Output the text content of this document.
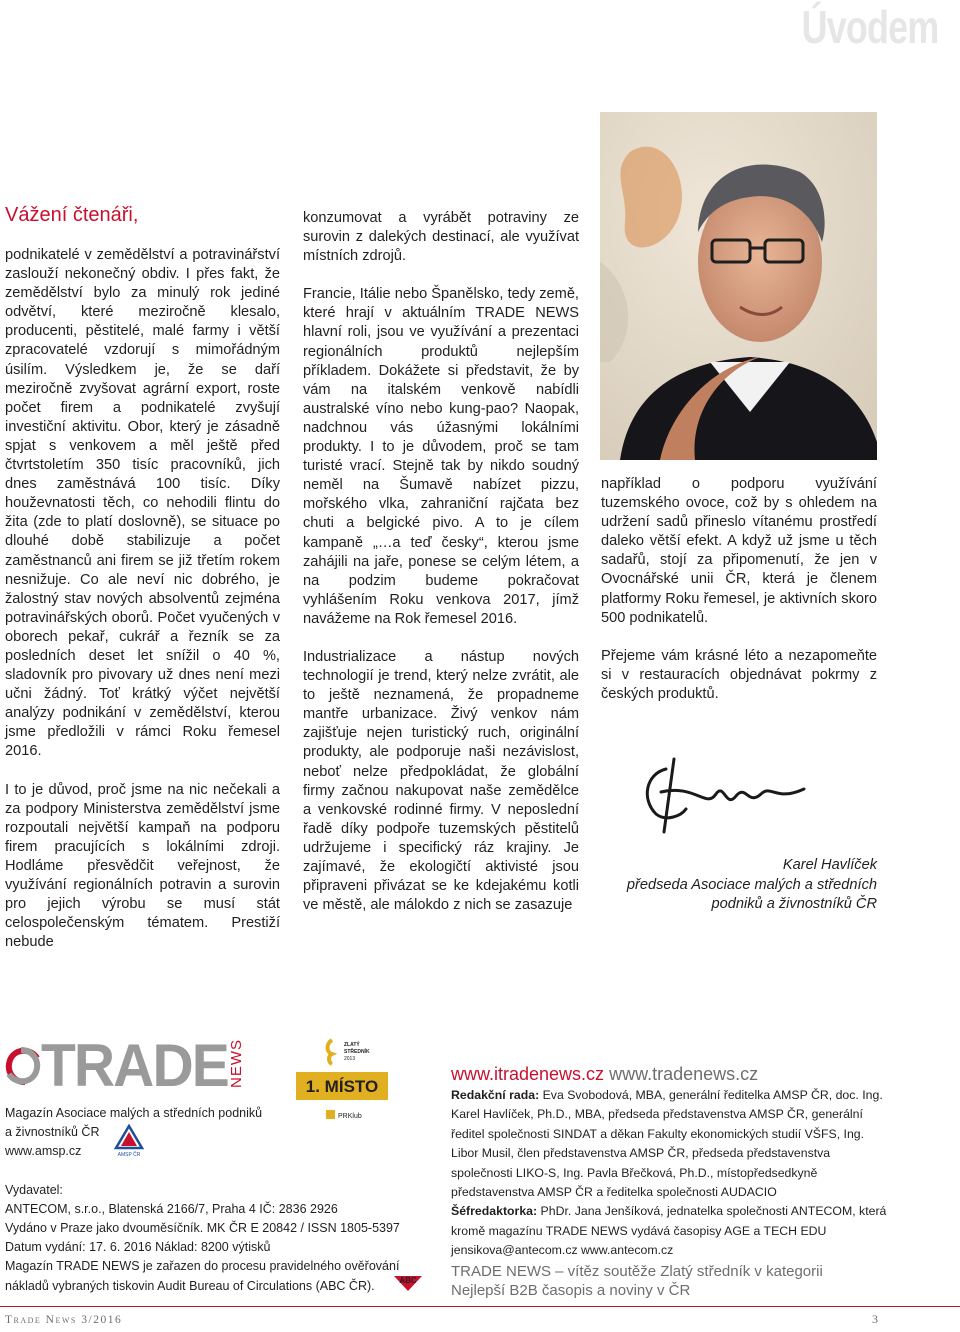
Úvodem
Vážení čtenáři,

podnikatelé v zemědělství a potravinářství zaslouží nekonečný obdiv. I přes fakt, že zemědělství bylo za minulý rok jediné odvětví, které meziročně klesalo, producenti, pěstitelé, malé farmy i větší zpracovatelé vzdorují s mimořádným úsilím. Výsledkem je, že se daří meziročně zvyšovat agrární export, roste počet firem a podnikatelé zvyšují investiční aktivitu. Obor, který je zásadně spjat s venkovem a měl ještě před čtvrtstoletím 350 tisíc pracovníků, jich dnes zaměstnává 100 tisíc. Díky houževnatosti těch, co nehodili flintu do žita (zde to platí doslovně), se situace po dlouhé době stabilizuje a počet zaměstnanců ani firem se již třetím rokem nesnižuje. Co ale neví nic dobrého, je žalostný stav nových absolventů zejména potravinářských oborů. Počet vyučených v oborech pekař, cukrář a řezník se za posledních deset let snížil o 40 %, sladovník pro pivovary už dnes není mezi učni žádný. Toť krátký výčet největší analýzy podnikání v zemědělství, kterou jsme předložili v rámci Roku řemesel 2016.

I to je důvod, proč jsme na nic nečekali a za podpory Ministerstva zemědělství jsme rozpoutali největší kampaň na podporu firem pracujících s lokálními zdroji. Hodláme přesvědčit veřejnost, že využívání regionálních potravin a surovin pro jejich výrobu se musí stát celospolečenským tématem. Prestiží nebude

konzumovat a vyrábět potraviny ze surovin z dalekých destinací, ale využívat místních zdrojů.

Francie, Itálie nebo Španělsko, tedy země, které hrají v aktuálním TRADE NEWS hlavní roli, jsou ve využívání a prezentaci regionálních produktů nejlepším příkladem. Dokážete si představit, že by vám na italském venkově nabídli australské víno nebo kung-pao? Naopak, nadchnou vás úžasnými lokálními produkty. I to je důvodem, proč se tam turisté vrací. Stejně tak by nikdo soudný neměl na Šumavě nabízet pizzu, mořského vlka, zahraniční rajčata bez chuti a belgické pivo. A to je cílem kampaně „…a teď česky“, kterou jsme zahájili na jaře, ponese se celým létem, a na podzim budeme pokračovat vyhlášením Roku venkova 2017, jímž navážeme na Rok řemesel 2016.

Industrializace a nástup nových technologií je trend, který nelze zvrátit, ale to ještě neznamená, že propadneme mantře urbanizace. Živý venkov nám zajišťuje nejen turistický ruch, originální produkty, ale podporuje naši nezávislost, neboť nelze předpokládat, že globální firmy začnou nakupovat naše zemědělce a venkovské rodinné firmy. V neposlední řadě díky podpoře tuzemských pěstitelů udržujeme i specifický ráz krajiny. Je zajímavé, že ekologičtí aktivisté jsou připraveni přivázat se ke kdejakému kotli ve městě, ale málokdo z nich se zasazuje

například o podporu využívání tuzemského ovoce, což by s ohledem na udržení sadů přineslo vítanému prostředí daleko větší efekt. A když už jsme u těch sadařů, stojí za připomenutí, že jen v Ovocnářské unii ČR, která je členem platformy Roku řemesel, je aktivních skoro 500 podnikatelů.

Přejeme vám krásné léto a nezapomeňte si v restauracích objednávat pokrmy z českých produktů.

Karel Havlíček
předseda Asociace malých a středních
podniků a živnostníků ČR
TRADE NEWS	ZLATÝ
STŘEDNÍK
2013
1. MÍSTO
PRKlub
Magazín Asociace malých a středních podniků
a živnostníků ČR
www.amsp.cz
Vydavatel:
ANTECOM, s.r.o., Blatenská 2166/7, Praha 4 IČ: 2836 2926
Vydáno v Praze jako dvouměsíčník. MK ČR E 20842 / ISSN 1805-5397
Datum vydání: 17. 6. 2016 Náklad: 8200 výtisků
Magazín TRADE NEWS je zařazen do procesu pravidelného ověřování
nákladů vybraných tiskovin Audit Bureau of Circulations (ABC ČR).
AMSP ČR
ABC
www.itradenews.cz www.tradenews.cz
Redakční rada: Eva Svobodová, MBA, generální ředitelka AMSP ČR, doc. Ing. Karel Havlíček, Ph.D., MBA, předseda představenstva AMSP ČR, generální ředitel společnosti SINDAT a děkan Fakulty ekonomických studií VŠFS, Ing. Libor Musil, člen představenstva AMSP ČR, předseda představenstva společnosti LIKO-S, Ing. Pavla Břečková, Ph.D., místopředsedkyně představenstva AMSP ČR a ředitelka společnosti AUDACIO
Šéfredaktorka: PhDr. Jana Jenšíková, jednatelka společnosti ANTECOM, která kromě magazínu TRADE NEWS vydává časopisy AGE a TECH EDU
jensikova@antecom.cz www.antecom.cz
TRADE NEWS – vítěz soutěže Zlatý středník v kategorii
Nejlepší B2B časopis a noviny v ČR
Trade News 3/2016	3
